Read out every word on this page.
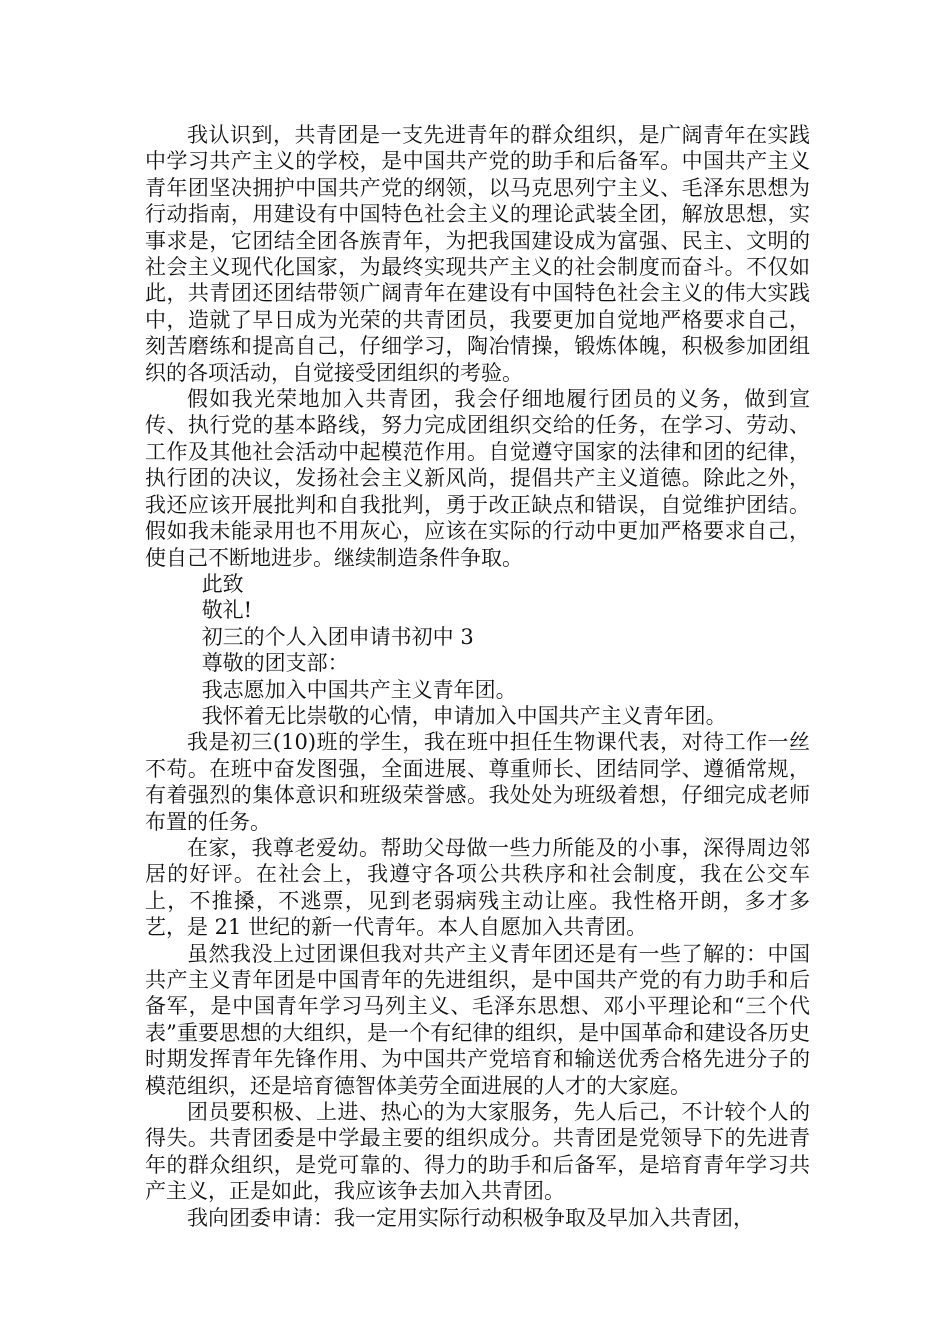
我认识到，共青团是一支先进青年的群众组织，是广阔青年在实践中学习共产主义的学校，是中国共产党的助手和后备军。中国共产主义青年团坚决拥护中国共产党的纲领，以马克思列宁主义、毛泽东思想为行动指南，用建设有中国特色社会主义的理论武装全团，解放思想，实事求是，它团结全团各族青年，为把我国建设成为富强、民主、文明的社会主义现代化国家，为最终实现共产主义的社会制度而奋斗。不仅如此，共青团还团结带领广阔青年在建设有中国特色社会主义的伟大实践中，造就了早日成为光荣的共青团员，我要更加自觉地严格要求自己，刻苦磨练和提高自己，仔细学习，陶冶情操，锻炼体魄，积极参加团组织的各项活动，自觉接受团组织的考验。

假如我光荣地加入共青团，我会仔细地履行团员的义务，做到宣传、执行党的基本路线，努力完成团组织交给的任务，在学习、劳动、工作及其他社会活动中起模范作用。自觉遵守国家的法律和团的纪律，执行团的决议，发扬社会主义新风尚，提倡共产主义道德。除此之外，我还应该开展批判和自我批判，勇于改正缺点和错误，自觉维护团结。假如我未能录用也不用灰心，应该在实际的行动中更加严格要求自己，使自己不断地进步。继续制造条件争取。

此致

敬礼!

初三的个人入团申请书初中 3

尊敬的团支部：

我志愿加入中国共产主义青年团。

我怀着无比崇敬的心情，申请加入中国共产主义青年团。

我是初三(10)班的学生，我在班中担任生物课代表，对待工作一丝不苟。在班中奋发图强，全面进展、尊重师长、团结同学、遵循常规，有着强烈的集体意识和班级荣誉感。我处处为班级着想，仔细完成老师布置的任务。

在家，我尊老爱幼。帮助父母做一些力所能及的小事，深得周边邻居的好评。在社会上，我遵守各项公共秩序和社会制度，我在公交车上，不推搡，不逃票，见到老弱病残主动让座。我性格开朗，多才多艺，是 21 世纪的新一代青年。本人自愿加入共青团。

虽然我没上过团课但我对共产主义青年团还是有一些了解的：中国共产主义青年团是中国青年的先进组织，是中国共产党的有力助手和后备军，是中国青年学习马列主义、毛泽东思想、邓小平理论和“三个代表”重要思想的大组织，是一个有纪律的组织，是中国革命和建设各历史时期发挥青年先锋作用、为中国共产党培育和输送优秀合格先进分子的模范组织，还是培育德智体美劳全面进展的人才的大家庭。

团员要积极、上进、热心的为大家服务，先人后己，不计较个人的得失。共青团委是中学最主要的组织成分。共青团是党领导下的先进青年的群众组织，是党可靠的、得力的助手和后备军，是培育青年学习共产主义，正是如此，我应该争去加入共青团。

我向团委申请：我一定用实际行动积极争取及早加入共青团，
